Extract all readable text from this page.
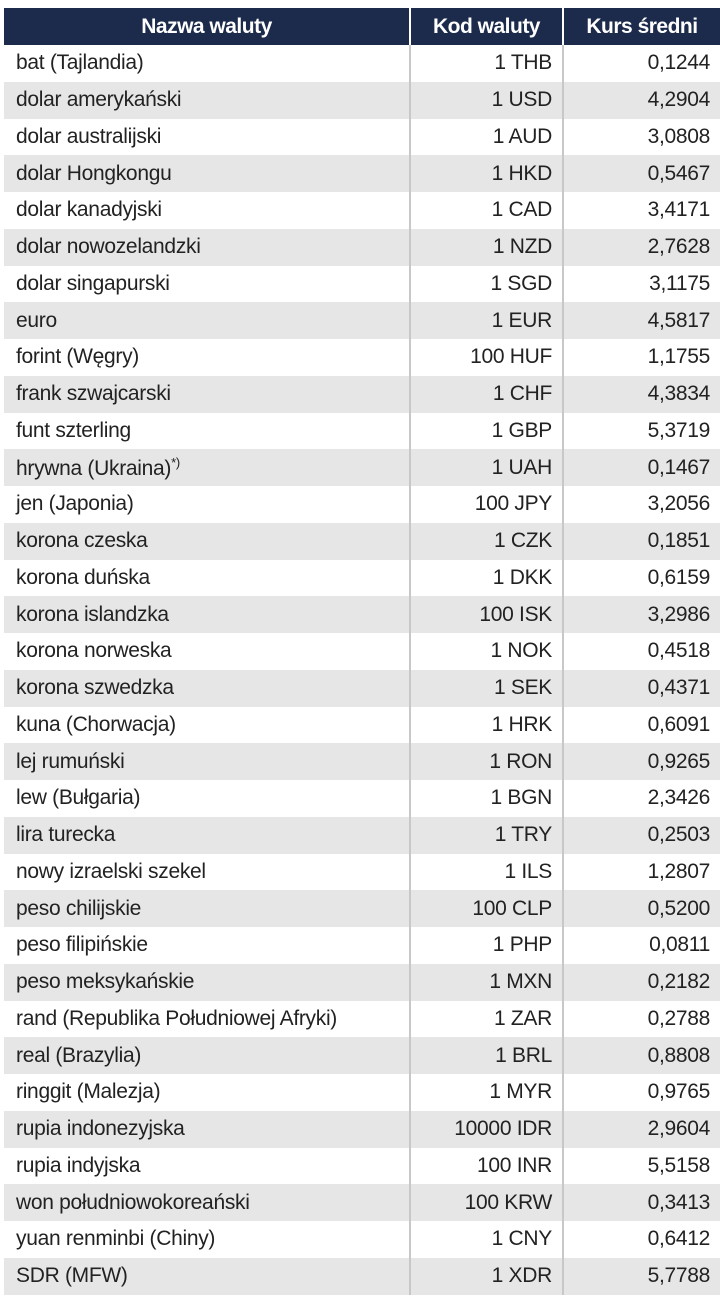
Nazwa waluty	Kod waluty	Kurs średni
bat (Tajlandia)	1 THB	0,1244
dolar amerykański	1 USD	4,2904
dolar australijski	1 AUD	3,0808
dolar Hongkongu	1 HKD	0,5467
dolar kanadyjski	1 CAD	3,4171
dolar nowozelandzki	1 NZD	2,7628
dolar singapurski	1 SGD	3,1175
euro	1 EUR	4,5817
forint (Węgry)	100 HUF	1,1755
frank szwajcarski	1 CHF	4,3834
funt szterling	1 GBP	5,3719
hrywna (Ukraina)*)	1 UAH	0,1467
jen (Japonia)	100 JPY	3,2056
korona czeska	1 CZK	0,1851
korona duńska	1 DKK	0,6159
korona islandzka	100 ISK	3,2986
korona norweska	1 NOK	0,4518
korona szwedzka	1 SEK	0,4371
kuna (Chorwacja)	1 HRK	0,6091
lej rumuński	1 RON	0,9265
lew (Bułgaria)	1 BGN	2,3426
lira turecka	1 TRY	0,2503
nowy izraelski szekel	1 ILS	1,2807
peso chilijskie	100 CLP	0,5200
peso filipińskie	1 PHP	0,0811
peso meksykańskie	1 MXN	0,2182
rand (Republika Południowej Afryki)	1 ZAR	0,2788
real (Brazylia)	1 BRL	0,8808
ringgit (Malezja)	1 MYR	0,9765
rupia indonezyjska	10000 IDR	2,9604
rupia indyjska	100 INR	5,5158
won południowokoreański	100 KRW	0,3413
yuan renminbi (Chiny)	1 CNY	0,6412
SDR (MFW)	1 XDR	5,7788
